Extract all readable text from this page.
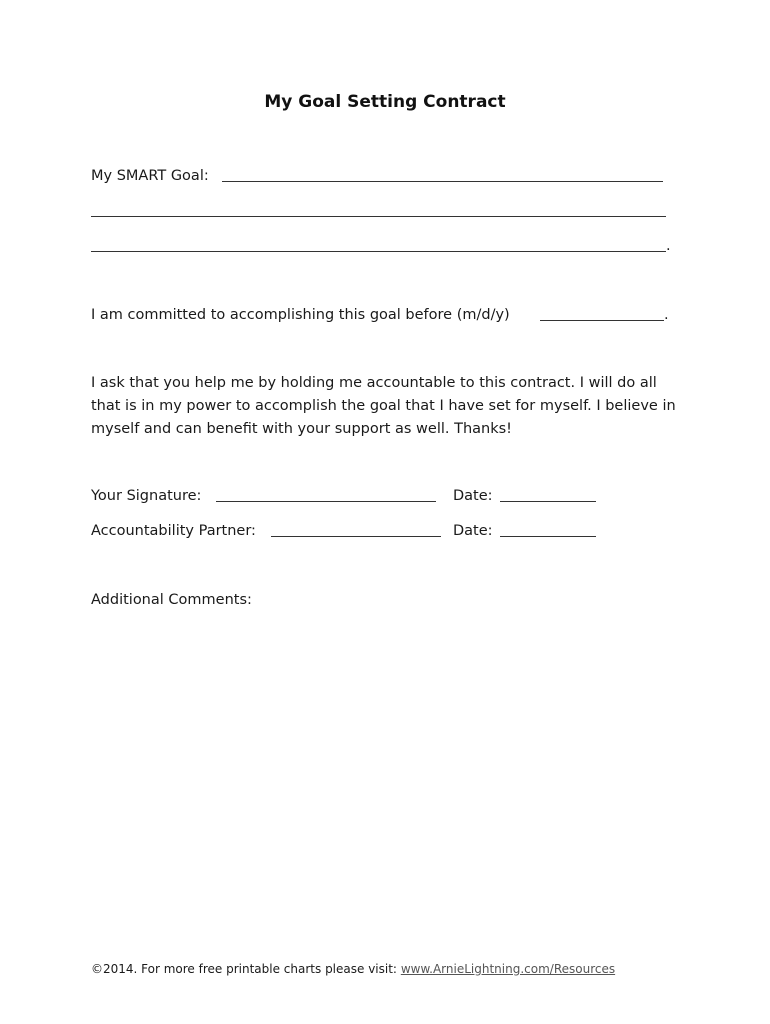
My Goal Setting Contract
My SMART Goal:
.
I am committed to accomplishing this goal before (m/d/y)	.
I ask that you help me by holding me accountable to this contract. I will do all that is in my power to accomplish the goal that I have set for myself. I believe in myself and can benefit with your support as well. Thanks!
Your Signature:	Date:
Accountability Partner:	Date:
Additional Comments:
©2014. For more free printable charts please visit: www.ArnieLightning.com/Resources
